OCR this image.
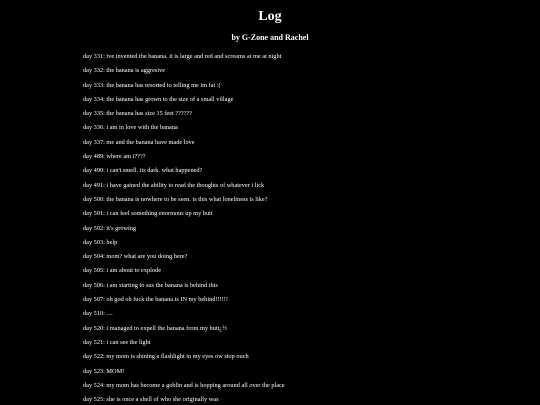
Log
by G-Zone and Rachel
day 331: ive invented the banana. it is large and red and screams at me at night
day 332: the banana is aggresive
day 333: the banana has resorted to telling me im fat :(
day 334: the banana has grown to the size of a small village
day 335: the banana has size 15 feet ??????
day 336: i am in love with the banana
day 337: me and the banana have made love
day 489: where am i????
day 490: i can't smell. its dark. what happened?
day 491: i have gained the ability to read the thoughts of whatever i lick
day 500: the banana is nowhere to be seen. is this what loneliness is like?
day 501: i can feel something enormous up my butt
day 502: it's growing
day 503: help
day 504: mom? what are you doing here?
day 505: i am about to explode
day 506: i am starting to sus the banana is behind this
day 507: oh god oh fuck the banana is IN my behind!!!!!!
day 510: ....
day 520: i managed to expell the banana from my butt¿½
day 521: i can see the light
day 522: my mom is shining a flashlight in my eyes ow stop ouch
day 523: MOM!
day 524: my mom has become a goblin and is hopping around all over the place
day 525: she is once a shell of who she originally was
